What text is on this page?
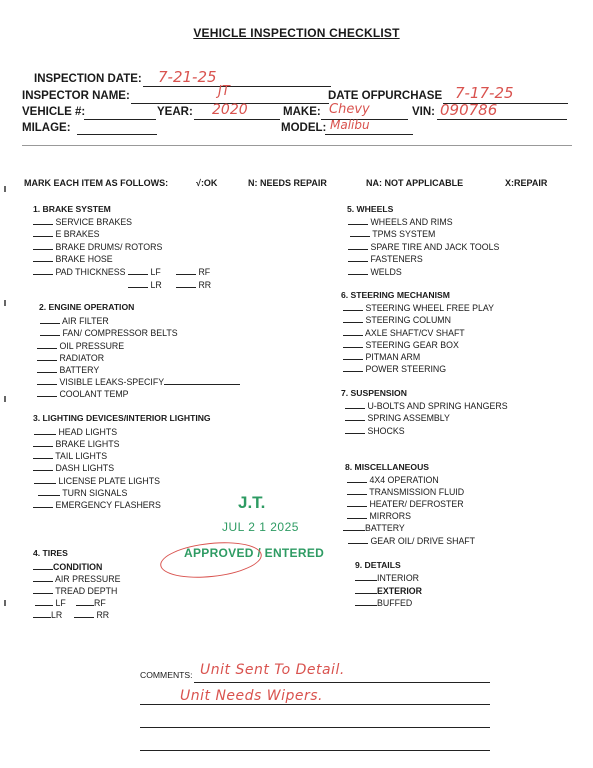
VEHICLE INSPECTION CHECKLIST
INSPECTION DATE: 7-21-25
INSPECTOR NAME:	JT	DATE OFPURCHASE 7-17-25
VEHICLE #:	YEAR: 2020	MAKE: Chevy	VIN: 090786
MILAGE:	MODEL: Malibu
MARK EACH ITEM AS FOLLOWS:	√:OK	N: NEEDS REPAIR	NA: NOT APPLICABLE	X:REPAIR
1. BRAKE SYSTEM
SERVICE BRAKES
E BRAKES
BRAKE DRUMS/ ROTORS
BRAKE HOSE
PAD THICKNESS	LF	RF
LR	RR
2. ENGINE OPERATION
AIR FILTER
FAN/ COMPRESSOR BELTS
OIL PRESSURE
RADIATOR
BATTERY
VISIBLE LEAKS-SPECIFY
COOLANT TEMP
3. LIGHTING DEVICES/INTERIOR LIGHTING
HEAD LIGHTS
BRAKE LIGHTS
TAIL LIGHTS
DASH LIGHTS
LICENSE PLATE LIGHTS
TURN SIGNALS
EMERGENCY FLASHERS	J.T.
JUL 2 1 2025
APPROVED / ENTERED
4. TIRES
CONDITION
AIR PRESSURE
TREAD DEPTH
LF	RF
LR	RR
5. WHEELS
WHEELS AND RIMS
TPMS SYSTEM
SPARE TIRE AND JACK TOOLS
FASTENERS
WELDS
6. STEERING MECHANISM
STEERING WHEEL FREE PLAY
STEERING COLUMN
AXLE SHAFT/CV SHAFT
STEERING GEAR BOX
PITMAN ARM
POWER STEERING
7. SUSPENSION
U-BOLTS AND SPRING HANGERS
SPRING ASSEMBLY
SHOCKS
8. MISCELLANEOUS
4X4 OPERATION
TRANSMISSION FLUID
HEATER/ DEFROSTER
MIRRORS
BATTERY
GEAR OIL/ DRIVE SHAFT
9. DETAILS
INTERIOR
EXTERIOR
BUFFED
COMMENTS: Unit Sent To Detail.
Unit Needs Wipers.
